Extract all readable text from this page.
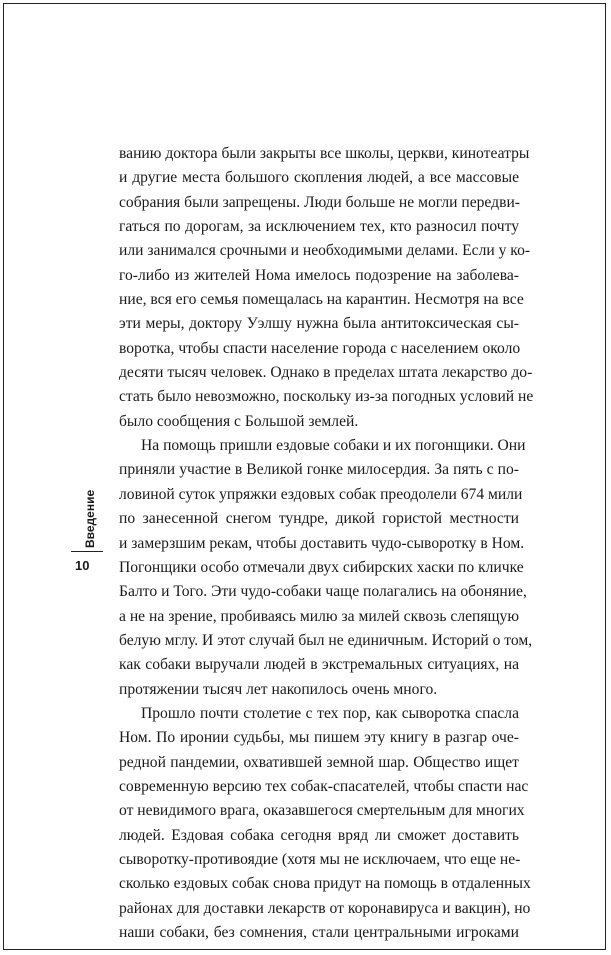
Введение
10
ванию доктора были закрыты все школы, церкви, кинотеатры
и другие места большого скопления людей, а все массовые
собрания были запрещены. Люди больше не могли передви-
гаться по дорогам, за исключением тех, кто разносил почту
или занимался срочными и необходимыми делами. Если у ко-
го-либо из жителей Нома имелось подозрение на заболева-
ние, вся его семья помещалась на карантин. Несмотря на все
эти меры, доктору Уэлшу нужна была антитоксическая сы-
воротка, чтобы спасти население города с населением около
десяти тысяч человек. Однако в пределах штата лекарство до-
стать было невозможно, поскольку из-за погодных условий не
было сообщения с Большой землей.
На помощь пришли ездовые собаки и их погонщики. Они
приняли участие в Великой гонке милосердия. За пять с по-
ловиной суток упряжки ездовых собак преодолели 674 мили
по занесенной снегом тундре, дикой гористой местности
и замерзшим рекам, чтобы доставить чудо-сыворотку в Ном.
Погонщики особо отмечали двух сибирских хаски по кличке
Балто и Того. Эти чудо-собаки чаще полагались на обоняние,
а не на зрение, пробиваясь милю за милей сквозь слепящую
белую мглу. И этот случай был не единичным. Историй о том,
как собаки выручали людей в экстремальных ситуациях, на
протяжении тысяч лет накопилось очень много.
Прошло почти столетие с тех пор, как сыворотка спасла
Ном. По иронии судьбы, мы пишем эту книгу в разгар оче-
редной пандемии, охватившей земной шар. Общество ищет
современную версию тех собак-спасателей, чтобы спасти нас
от невидимого врага, оказавшегося смертельным для многих
людей. Ездовая собака сегодня вряд ли сможет доставить
сыворотку-противоядие (хотя мы не исключаем, что еще не-
сколько ездовых собак снова придут на помощь в отдаленных
районах для доставки лекарств от коронавируса и вакцин), но
наши собаки, без сомнения, стали центральными игроками
